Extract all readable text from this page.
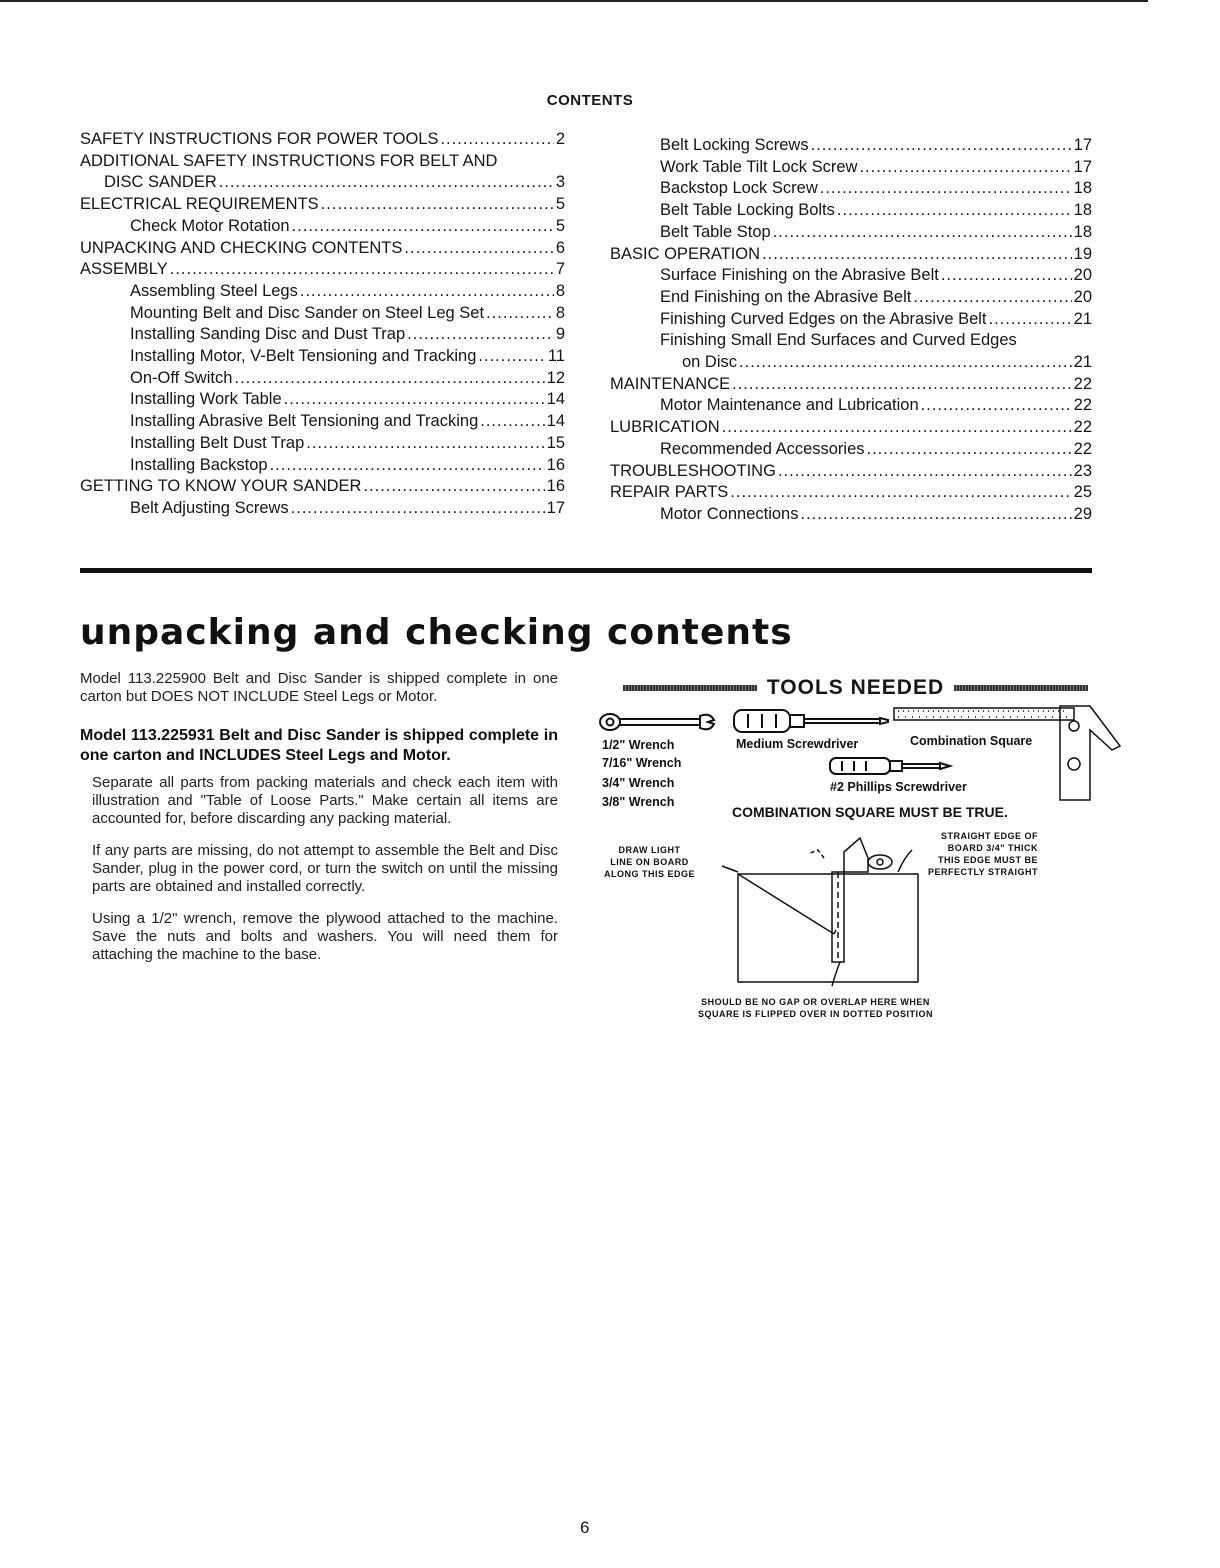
CONTENTS
SAFETY INSTRUCTIONS FOR POWER TOOLS .....	2
ADDITIONAL SAFETY INSTRUCTIONS FOR BELT AND
DISC SANDER .....	3
ELECTRICAL REQUIREMENTS .....	5
Check Motor Rotation .....	5
UNPACKING AND CHECKING CONTENTS .....	6
ASSEMBLY .....	7
Assembling Steel Legs .....	8
Mounting Belt and Disc Sander on Steel Leg Set .....	8
Installing Sanding Disc and Dust Trap .....	9
Installing Motor, V-Belt Tensioning and Tracking .....	11
On-Off Switch .....	12
Installing Work Table .....	14
Installing Abrasive Belt Tensioning and Tracking .....	14
Installing Belt Dust Trap .....	15
Installing Backstop .....	16
GETTING TO KNOW YOUR SANDER .....	16
Belt Adjusting Screws .....	17
Belt Locking Screws .....	17
Work Table Tilt Lock Screw .....	17
Backstop Lock Screw .....	18
Belt Table Locking Bolts .....	18
Belt Table Stop .....	18
BASIC OPERATION .....	19
Surface Finishing on the Abrasive Belt .....	20
End Finishing on the Abrasive Belt .....	20
Finishing Curved Edges on the Abrasive Belt .....	21
Finishing Small End Surfaces and Curved Edges
on Disc .....	21
MAINTENANCE .....	22
Motor Maintenance and Lubrication .....	22
LUBRICATION .....	22
Recommended Accessories .....	22
TROUBLESHOOTING .....	23
REPAIR PARTS .....	25
Motor Connections .....	29
unpacking and checking contents

Model 113.225900 Belt and Disc Sander is shipped complete in one carton but DOES NOT INCLUDE Steel Legs or Motor.

Model 113.225931 Belt and Disc Sander is shipped complete in one carton and INCLUDES Steel Legs and Motor.

Separate all parts from packing materials and check each item with illustration and "Table of Loose Parts." Make certain all items are accounted for, before discarding any packing material.

If any parts are missing, do not attempt to assemble the Belt and Disc Sander, plug in the power cord, or turn the switch on until the missing parts are obtained and installed correctly.

Using a 1/2" wrench, remove the plywood attached to the machine. Save the nuts and bolts and washers. You will need them for attaching the machine to the base.

TOOLS NEEDED
1/2" Wrench
7/16" Wrench
3/4" Wrench
3/8" Wrench
Medium Screwdriver	Combination Square
#2 Phillips Screwdriver
COMBINATION SQUARE MUST BE TRUE.
DRAW LIGHT
LINE ON BOARD
ALONG THIS EDGE
STRAIGHT EDGE OF
BOARD 3/4" THICK
THIS EDGE MUST BE
PERFECTLY STRAIGHT
SHOULD BE NO GAP OR OVERLAP HERE WHEN
SQUARE IS FLIPPED OVER IN DOTTED POSITION
6
